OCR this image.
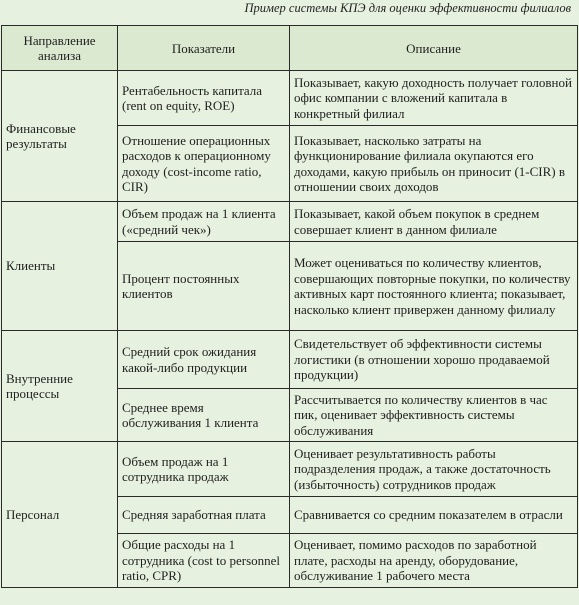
Пример системы КПЭ для оценки эффективности филиалов
Направление анализа	Показатели	Описание
Финансовые результаты	Рентабельность капитала (rent on equity, ROE)	Показывает, какую доходность получает головной офис компании с вложений капитала в конкретный филиал
	Отношение операционных расходов к операционному доходу (cost-income ratio, CIR)	Показывает, насколько затраты на функционирование филиала окупаются его доходами, какую прибыль он приносит (1-CIR) в отношении своих доходов
Клиенты	Объем продаж на 1 клиента («средний чек»)	Показывает, какой объем покупок в среднем совершает клиент в данном филиале
	Процент постоянных клиентов	Может оцениваться по количеству клиентов, совершающих повторные покупки, по количеству активных карт постоянного клиента; показывает, насколько клиент привержен данному филиалу
Внутренние процессы	Средний срок ожидания какой-либо продукции	Свидетельствует об эффективности системы логистики (в отношении хорошо продаваемой продукции)
	Среднее время обслуживания 1 клиента	Рассчитывается по количеству клиентов в час пик, оценивает эффективность системы обслуживания
Персонал	Объем продаж на 1 сотрудника продаж	Оценивает результативность работы подразделения продаж, а также достаточность (избыточность) сотрудников продаж
	Средняя заработная плата	Сравнивается со средним показателем в отрасли
	Общие расходы на 1 сотрудника (cost to personnel ratio, CPR)	Оценивает, помимо расходов по заработной плате, расходы на аренду, оборудование, обслуживание 1 рабочего места
